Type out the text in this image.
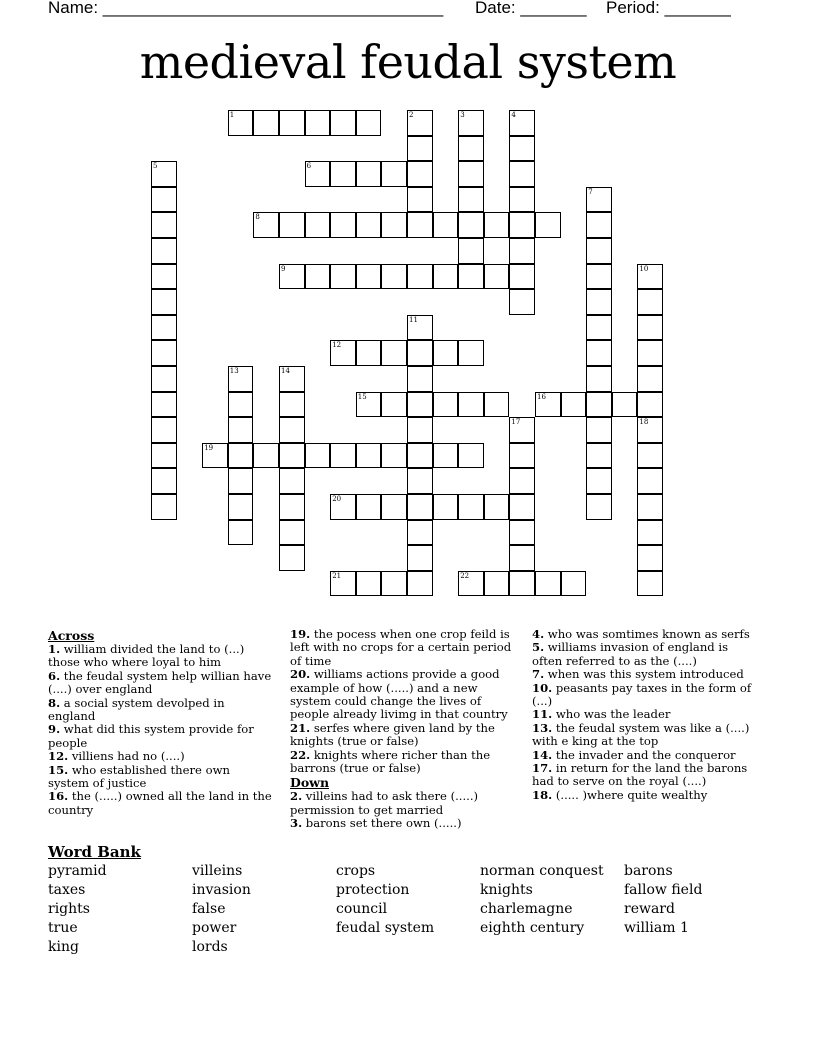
Name: ____________________________________ Date: _______ Period: _______
medieval feudal system
1	2	3	4
5	6
7
8
9	10
11
12
13	14
15	16
17	18
19
20
21	22
Across
1. william divided the land to (...) those who where loyal to him
6. the feudal system help willian have (....) over england
8. a social system devolped in england
9. what did this system provide for people
12. villiens had no (....)
15. who established there own system of justice
16. the (.....) owned all the land in the country
19. the pocess when one crop feild is left with no crops for a certain period of time
20. williams actions provide a good example of how (.....) and a new system could change the lives of people already livimg in that country
21. serfes where given land by the knights (true or false)
22. knights where richer than the barrons (true or false)
Down
2. villeins had to ask there (.....) permission to get married
3. barons set there own (.....)
4. who was somtimes known as serfs
5. williams invasion of england is often referred to as the (....)
7. when was this system introduced
10. peasants pay taxes in the form of (...)
11. who was the leader
13. the feudal system was like a (....) with e king at the top
14. the invader and the conqueror
17. in return for the land the barons had to serve on the royal (....)
18. (..... )where quite wealthy
Word Bank
pyramid
taxes
rights
true
king
villeins
invasion
false
power
lords
crops
protection
council
feudal system
norman conquest
knights
charlemagne
eighth century
barons
fallow field
reward
william 1
